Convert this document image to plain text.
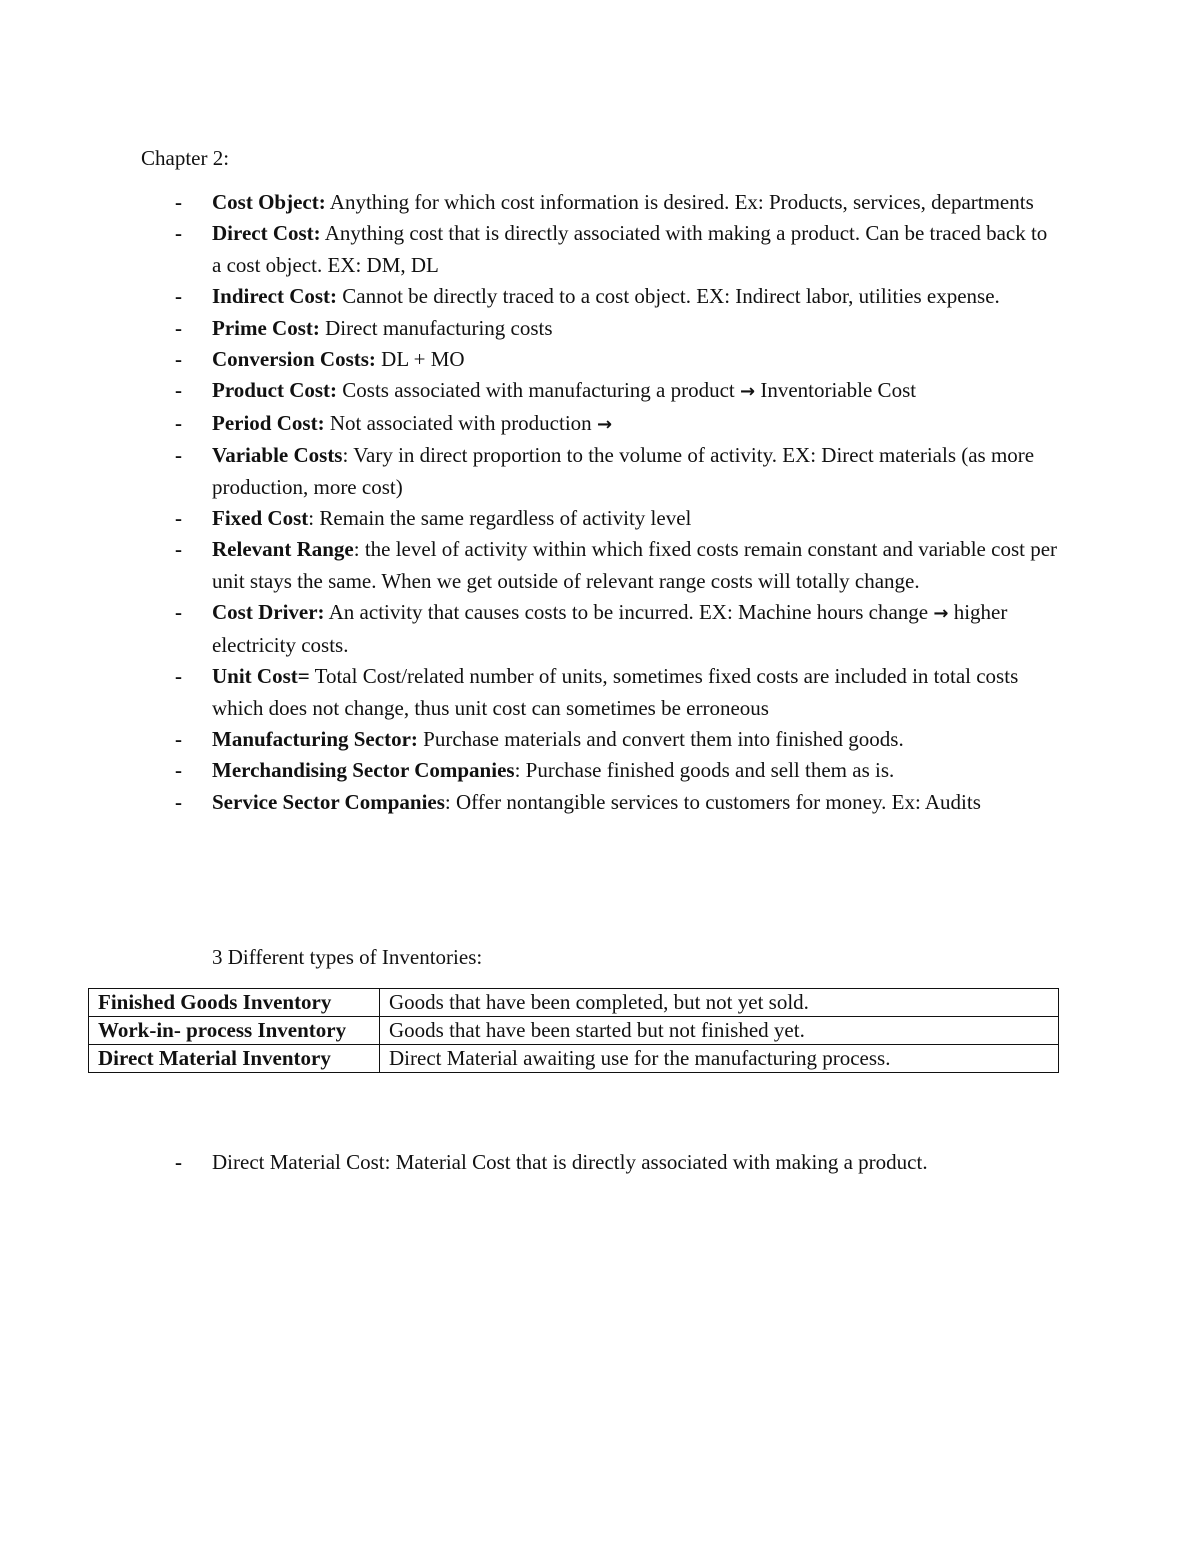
Chapter 2:
- Cost Object: Anything for which cost information is desired. Ex: Products, services, departments
- Direct Cost: Anything cost that is directly associated with making a product. Can be traced back to a cost object. EX: DM, DL
- Indirect Cost: Cannot be directly traced to a cost object. EX: Indirect labor, utilities expense.
- Prime Cost: Direct manufacturing costs
- Conversion Costs: DL + MO
- Product Cost: Costs associated with manufacturing a product → Inventoriable Cost
- Period Cost: Not associated with production →
- Variable Costs: Vary in direct proportion to the volume of activity. EX: Direct materials (as more production, more cost)
- Fixed Cost: Remain the same regardless of activity level
- Relevant Range: the level of activity within which fixed costs remain constant and variable cost per unit stays the same. When we get outside of relevant range costs will totally change.
- Cost Driver: An activity that causes costs to be incurred. EX: Machine hours change → higher electricity costs.
- Unit Cost= Total Cost/related number of units, sometimes fixed costs are included in total costs which does not change, thus unit cost can sometimes be erroneous
- Manufacturing Sector: Purchase materials and convert them into finished goods.
- Merchandising Sector Companies: Purchase finished goods and sell them as is.
- Service Sector Companies: Offer nontangible services to customers for money. Ex: Audits
3 Different types of Inventories:
Finished Goods Inventory	Goods that have been completed, but not yet sold.
Work-in- process Inventory	Goods that have been started but not finished yet.
Direct Material Inventory	Direct Material awaiting use for the manufacturing process.
- Direct Material Cost: Material Cost that is directly associated with making a product.
